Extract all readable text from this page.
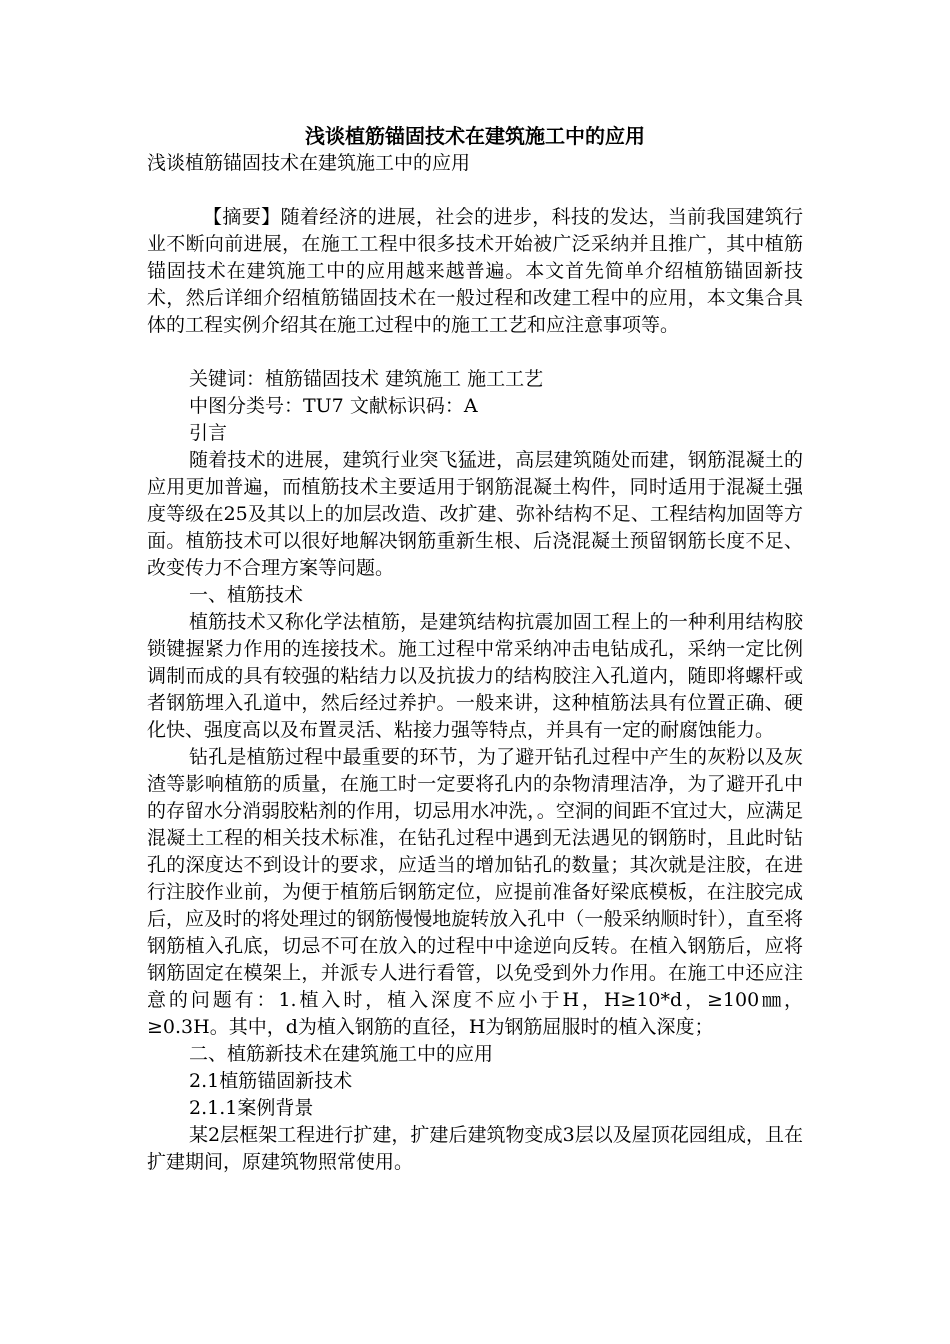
浅谈植筋锚固技术在建筑施工中的应用

浅谈植筋锚固技术在建筑施工中的应用

【摘要】随着经济的进展，社会的进步，科技的发达，当前我国建筑行业不断向前进展，在施工工程中很多技术开始被广泛采纳并且推广，其中植筋锚固技术在建筑施工中的应用越来越普遍。本文首先简单介绍植筋锚固新技术，然后详细介绍植筋锚固技术在一般过程和改建工程中的应用，本文集合具体的工程实例介绍其在施工过程中的施工工艺和应注意事项等。

关键词：植筋锚固技术 建筑施工 施工工艺

中图分类号：TU7 文献标识码：A

引言

随着技术的进展，建筑行业突飞猛进，高层建筑随处而建，钢筋混凝土的应用更加普遍，而植筋技术主要适用于钢筋混凝土构件，同时适用于混凝土强度等级在25及其以上的加层改造、改扩建、弥补结构不足、工程结构加固等方面。植筋技术可以很好地解决钢筋重新生根、后浇混凝土预留钢筋长度不足、改变传力不合理方案等问题。

一、植筋技术

植筋技术又称化学法植筋，是建筑结构抗震加固工程上的一种利用结构胶锁键握紧力作用的连接技术。施工过程中常采纳冲击电钻成孔，采纳一定比例调制而成的具有较强的粘结力以及抗拔力的结构胶注入孔道内，随即将螺杆或者钢筋埋入孔道中，然后经过养护。一般来讲，这种植筋法具有位置正确、硬化快、强度高以及布置灵活、粘接力强等特点，并具有一定的耐腐蚀能力。

钻孔是植筋过程中最重要的环节，为了避开钻孔过程中产生的灰粉以及灰渣等影响植筋的质量，在施工时一定要将孔内的杂物清理洁净，为了避开孔中的存留水分消弱胶粘剂的作用，切忌用水冲洗，。空洞的间距不宜过大，应满足混凝土工程的相关技术标准，在钻孔过程中遇到无法遇见的钢筋时，且此时钻孔的深度达不到设计的要求，应适当的增加钻孔的数量；其次就是注胶，在进行注胶作业前，为便于植筋后钢筋定位，应提前准备好梁底模板，在注胶完成后，应及时的将处理过的钢筋慢慢地旋转放入孔中（一般采纳顺时针），直至将钢筋植入孔底，切忌不可在放入的过程中中途逆向反转。在植入钢筋后，应将钢筋固定在模架上，并派专人进行看管，以免受到外力作用。在施工中还应注意的问题有：1.植入时，植入深度不应小于H，H≥10*d，≥100㎜，≥0.3H。其中，d为植入钢筋的直径，H为钢筋屈服时的植入深度；

二、植筋新技术在建筑施工中的应用

2.1植筋锚固新技术

2.1.1案例背景

某2层框架工程进行扩建，扩建后建筑物变成3层以及屋顶花园组成，且在扩建期间，原建筑物照常使用。
